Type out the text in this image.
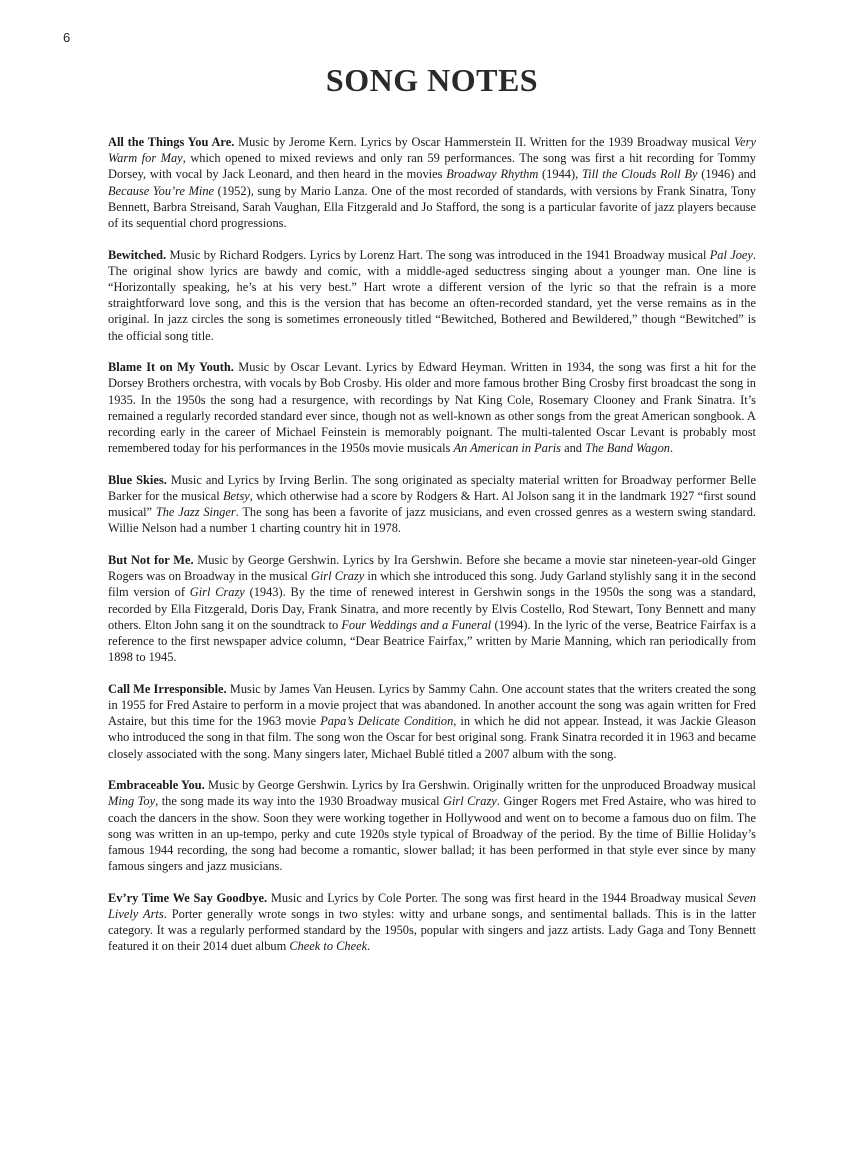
6
SONG NOTES

All the Things You Are. Music by Jerome Kern. Lyrics by Oscar Hammerstein II. Written for the 1939 Broadway musical Very Warm for May, which opened to mixed reviews and only ran 59 performances. The song was first a hit recording for Tommy Dorsey, with vocal by Jack Leonard, and then heard in the movies Broadway Rhythm (1944), Till the Clouds Roll By (1946) and Because You’re Mine (1952), sung by Mario Lanza. One of the most recorded of standards, with versions by Frank Sinatra, Tony Bennett, Barbra Streisand, Sarah Vaughan, Ella Fitzgerald and Jo Stafford, the song is a particular favorite of jazz players because of its sequential chord progressions.

Bewitched. Music by Richard Rodgers. Lyrics by Lorenz Hart. The song was introduced in the 1941 Broadway musical Pal Joey. The original show lyrics are bawdy and comic, with a middle-aged seductress singing about a younger man. One line is “Horizontally speaking, he’s at his very best.” Hart wrote a different version of the lyric so that the refrain is a more straightforward love song, and this is the version that has become an often-recorded standard, yet the verse remains as in the original. In jazz circles the song is sometimes erroneously titled “Bewitched, Bothered and Bewildered,” though “Bewitched” is the official song title.

Blame It on My Youth. Music by Oscar Levant. Lyrics by Edward Heyman. Written in 1934, the song was first a hit for the Dorsey Brothers orchestra, with vocals by Bob Crosby. His older and more famous brother Bing Crosby first broadcast the song in 1935. In the 1950s the song had a resurgence, with recordings by Nat King Cole, Rosemary Clooney and Frank Sinatra. It’s remained a regularly recorded standard ever since, though not as well-known as other songs from the great American songbook. A recording early in the career of Michael Feinstein is memorably poignant. The multi-talented Oscar Levant is probably most remembered today for his performances in the 1950s movie musicals An American in Paris and The Band Wagon.

Blue Skies. Music and Lyrics by Irving Berlin. The song originated as specialty material written for Broadway performer Belle Barker for the musical Betsy, which otherwise had a score by Rodgers & Hart. Al Jolson sang it in the landmark 1927 “first sound musical” The Jazz Singer. The song has been a favorite of jazz musicians, and even crossed genres as a western swing standard. Willie Nelson had a number 1 charting country hit in 1978.

But Not for Me. Music by George Gershwin. Lyrics by Ira Gershwin. Before she became a movie star nineteen-year-old Ginger Rogers was on Broadway in the musical Girl Crazy in which she introduced this song. Judy Garland stylishly sang it in the second film version of Girl Crazy (1943). By the time of renewed interest in Gershwin songs in the 1950s the song was a standard, recorded by Ella Fitzgerald, Doris Day, Frank Sinatra, and more recently by Elvis Costello, Rod Stewart, Tony Bennett and many others. Elton John sang it on the soundtrack to Four Weddings and a Funeral (1994). In the lyric of the verse, Beatrice Fairfax is a reference to the first newspaper advice column, “Dear Beatrice Fairfax,” written by Marie Manning, which ran periodically from 1898 to 1945.

Call Me Irresponsible. Music by James Van Heusen. Lyrics by Sammy Cahn. One account states that the writers created the song in 1955 for Fred Astaire to perform in a movie project that was abandoned. In another account the song was again written for Fred Astaire, but this time for the 1963 movie Papa’s Delicate Condition, in which he did not appear. Instead, it was Jackie Gleason who introduced the song in that film. The song won the Oscar for best original song. Frank Sinatra recorded it in 1963 and became closely associated with the song. Many singers later, Michael Bublé titled a 2007 album with the song.

Embraceable You. Music by George Gershwin. Lyrics by Ira Gershwin. Originally written for the unproduced Broadway musical Ming Toy, the song made its way into the 1930 Broadway musical Girl Crazy. Ginger Rogers met Fred Astaire, who was hired to coach the dancers in the show. Soon they were working together in Hollywood and went on to become a famous duo on film. The song was written in an up-tempo, perky and cute 1920s style typical of Broadway of the period. By the time of Billie Holiday’s famous 1944 recording, the song had become a romantic, slower ballad; it has been performed in that style ever since by many famous singers and jazz musicians.

Ev’ry Time We Say Goodbye. Music and Lyrics by Cole Porter. The song was first heard in the 1944 Broadway musical Seven Lively Arts. Porter generally wrote songs in two styles: witty and urbane songs, and sentimental ballads. This is in the latter category. It was a regularly performed standard by the 1950s, popular with singers and jazz artists. Lady Gaga and Tony Bennett featured it on their 2014 duet album Cheek to Cheek.
